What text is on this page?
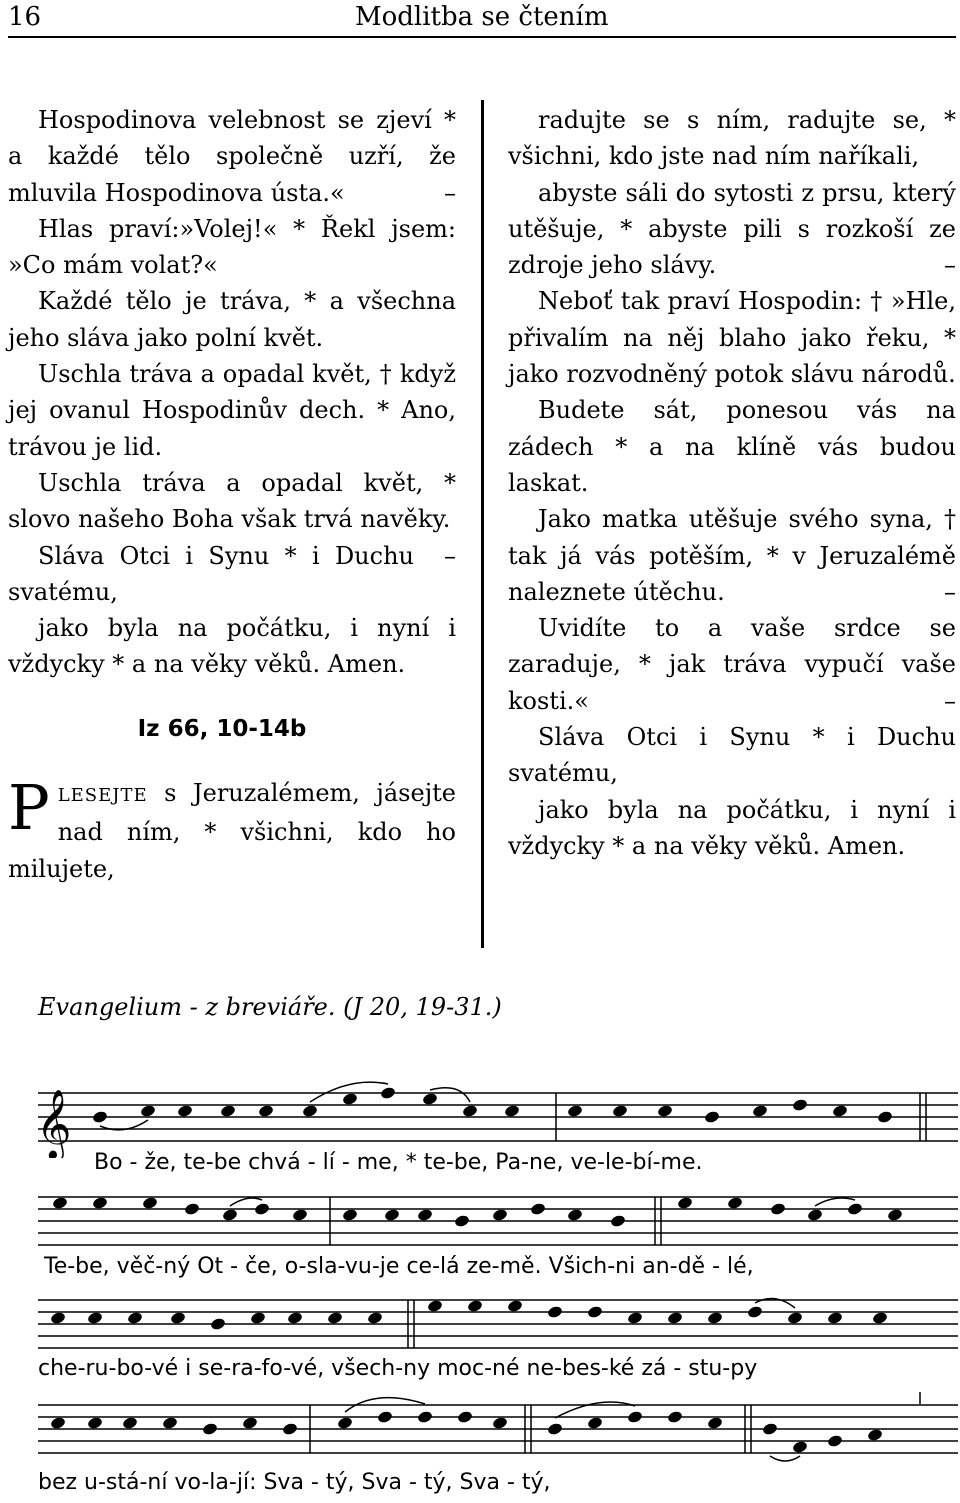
16	Modlitba se čtením

Hospodinova velebnost se zjeví * a každé tělo společně uzří, že mluvila Hospodinova ústa.«	–

Hlas praví:»Volej!« * Řekl jsem: »Co mám volat?«

Každé tělo je tráva, * a všechna jeho sláva jako polní květ.

Uschla tráva a opadal květ, † když jej ovanul Hospodinův dech. * Ano, trávou je lid.

Uschla tráva a opadal květ, * slovo našeho Boha však trvá navěky.
–

Sláva Otci i Synu * i Duchu svatému,

jako byla na počátku, i nyní i vždycky * a na věky věků. Amen.

Iz 66, 10-14b

PLESEJTE s Jeruzalémem, jásejte nad ním, * všichni, kdo ho milujete,

radujte se s ním, radujte se, * všichni, kdo jste nad ním naříkali,

abyste sáli do sytosti z prsu, který utěšuje, * abyste pili s rozkoší ze zdroje jeho slávy.	–

Neboť tak praví Hospodin: † »Hle, přivalím na něj blaho jako řeku, * jako rozvodněný potok slávu národů.

Budete sát, ponesou vás na zádech * a na klíně vás budou laskat.

Jako matka utěšuje svého syna, † tak já vás potěším, * v Jeruzalémě naleznete útěchu.	–

Uvidíte to a vaše srdce se zaraduje, * jak tráva vypučí vaše kosti.«	–

Sláva Otci i Synu * i Duchu svatému,

jako byla na počátku, i nyní i vždycky * a na věky věků. Amen.

Evangelium - z breviáře. (J 20, 19-31.)
𝄞
Bo - že, te-be chvá - lí - me, * te-be, Pa-ne, ve-le-bí-me.
Te-be, věč-ný Ot - če, o-sla-vu-je ce-lá ze-mě. Všich-ni an-dě - lé,
che-ru-bo-vé i se-ra-fo-vé, všech-ny moc-né ne-bes-ké zá - stu-py
bez u-stá-ní vo-la-jí: Sva - tý, Sva - tý, Sva - tý,
